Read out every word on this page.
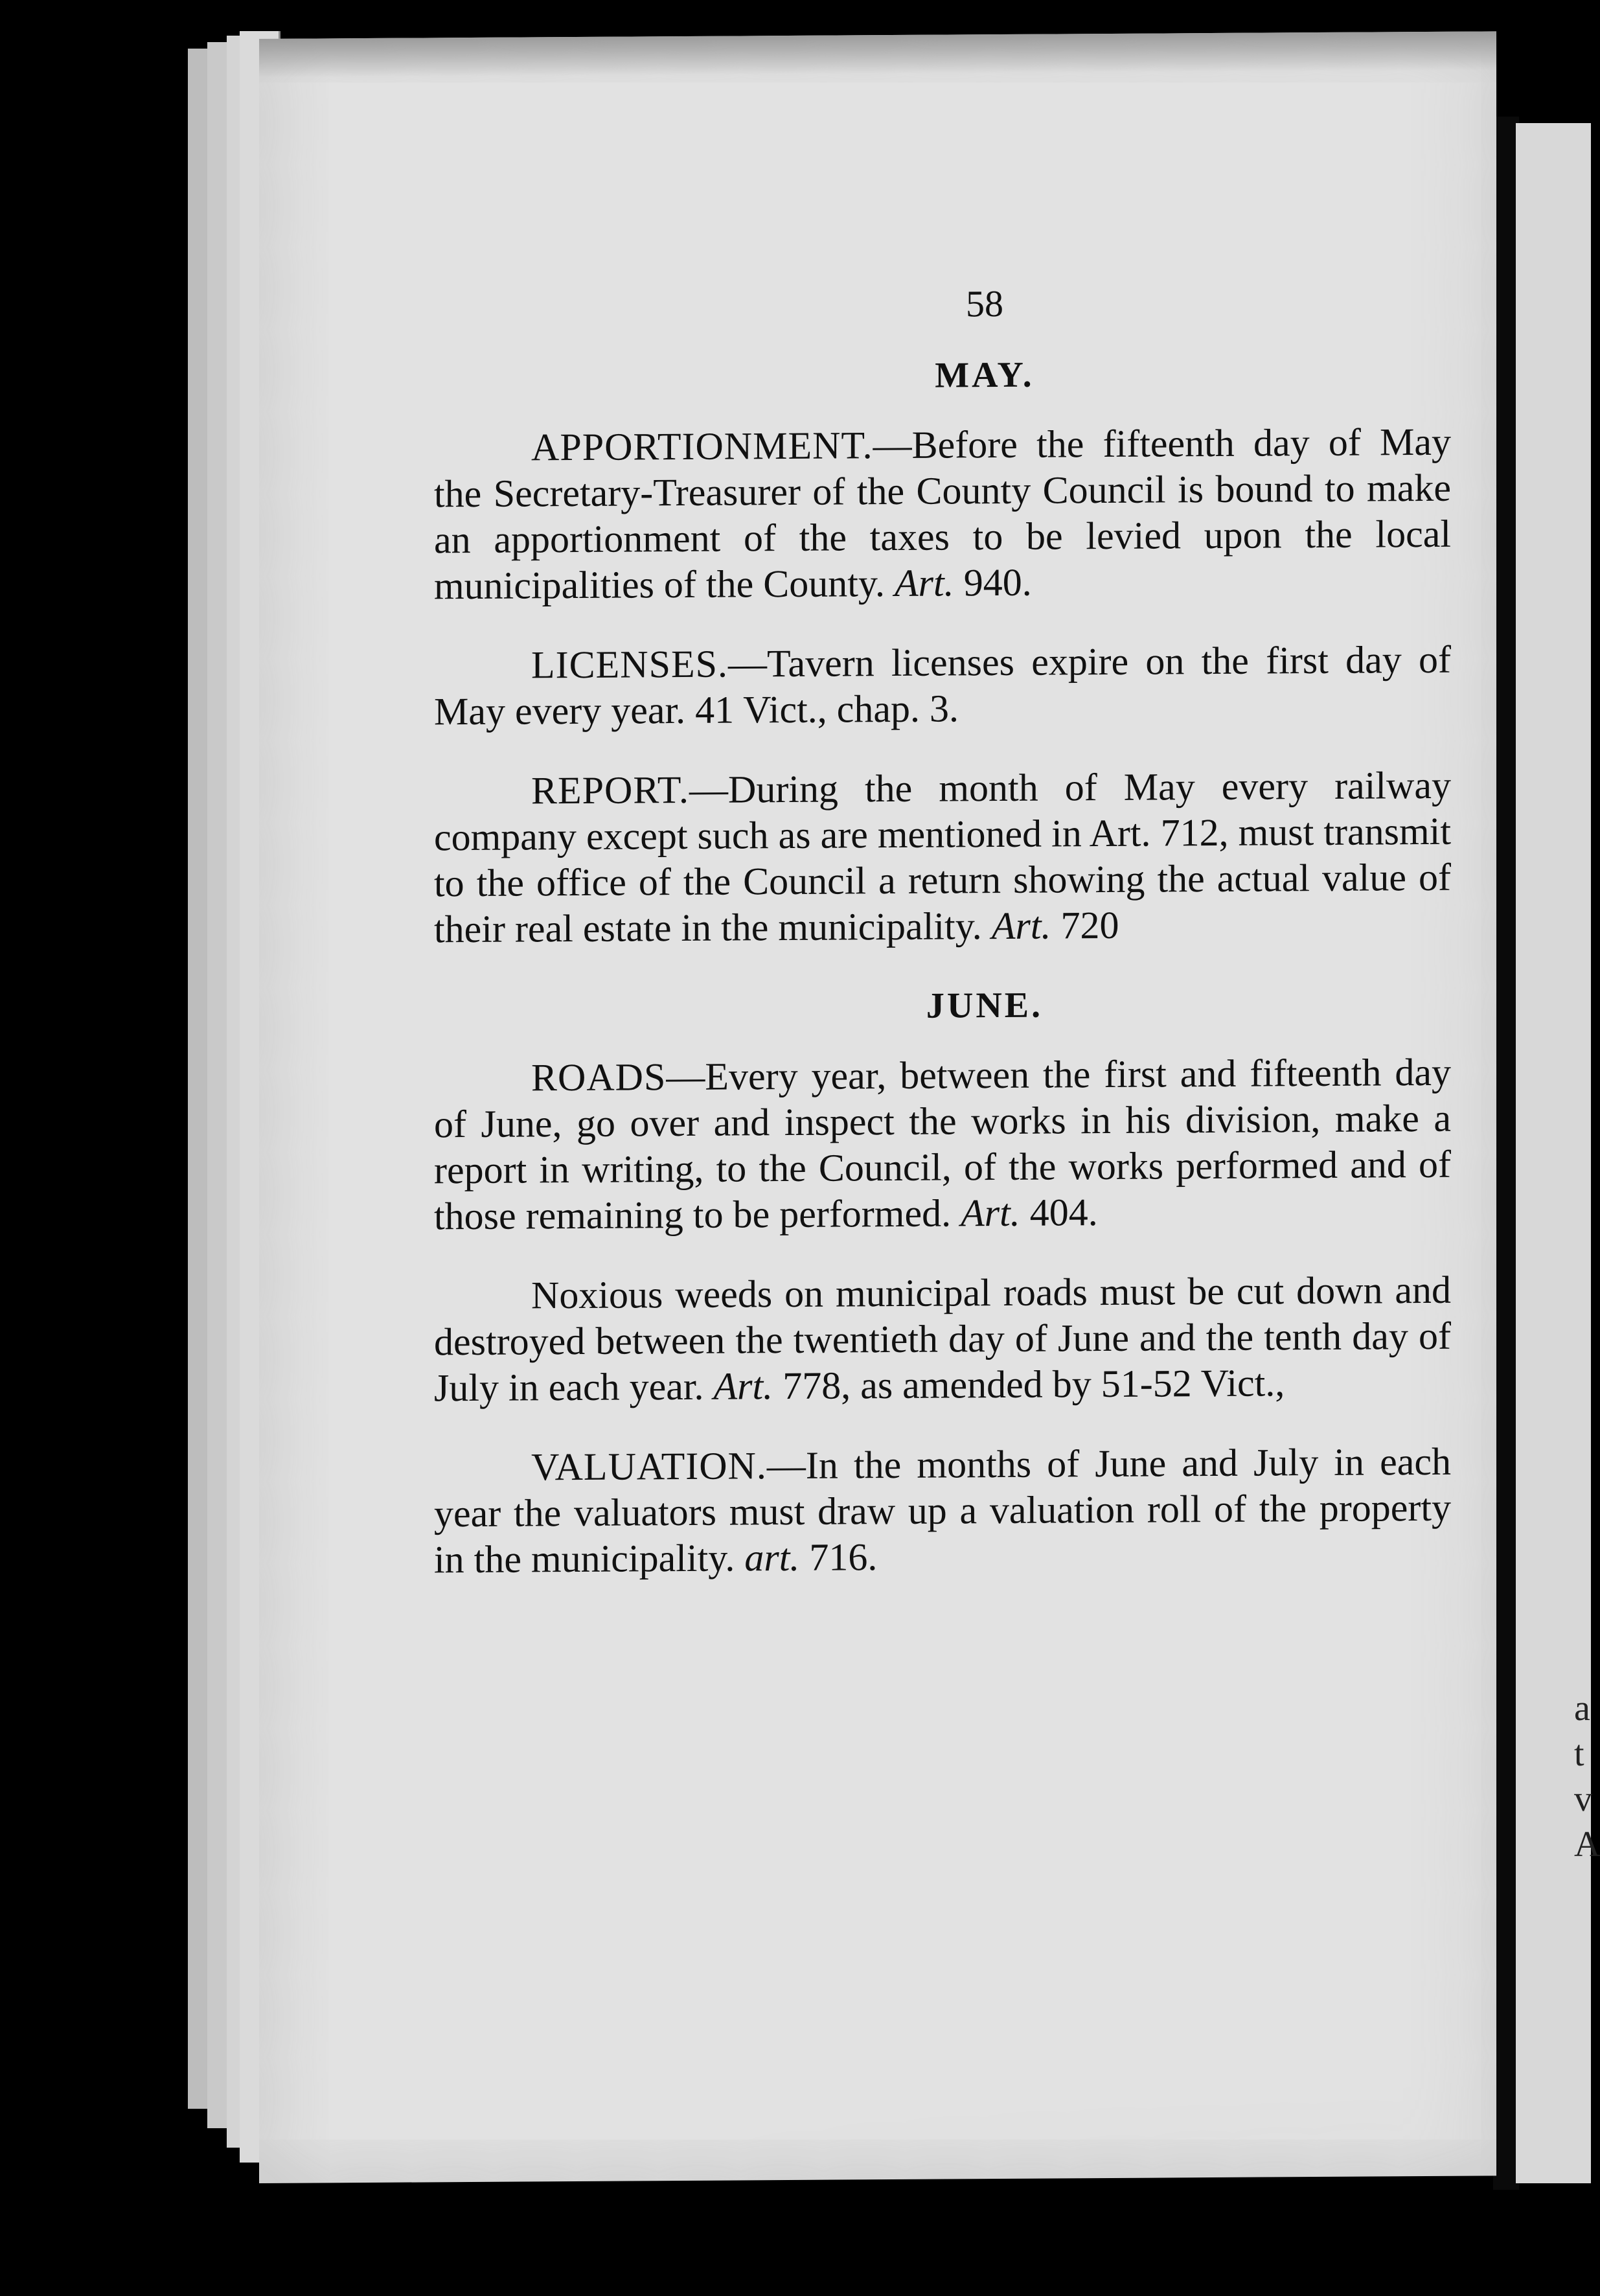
a
t
v
A
58
MAY.

APPORTIONMENT.—Before the fifteenth day of May the Secretary-Treasurer of the County Council is bound to make an apportionment of the taxes to be levied upon the local municipalities of the County. Art. 940.

LICENSES.—Tavern licenses expire on the first day of May every year. 41 Vict., chap. 3.

REPORT.—During the month of May every railway company except such as are mentioned in Art. 712, must transmit to the office of the Council a return showing the actual value of their real estate in the municipality. Art. 720

JUNE.

ROADS—Every year, between the first and fifteenth day of June, go over and inspect the works in his division, make a report in writing, to the Council, of the works performed and of those remaining to be performed. Art. 404.

Noxious weeds on municipal roads must be cut down and destroyed between the twentieth day of June and the tenth day of July in each year. Art. 778, as amended by 51-52 Vict.,

VALUATION.—In the months of June and July in each year the valuators must draw up a valuation roll of the property in the municipality. art. 716.
